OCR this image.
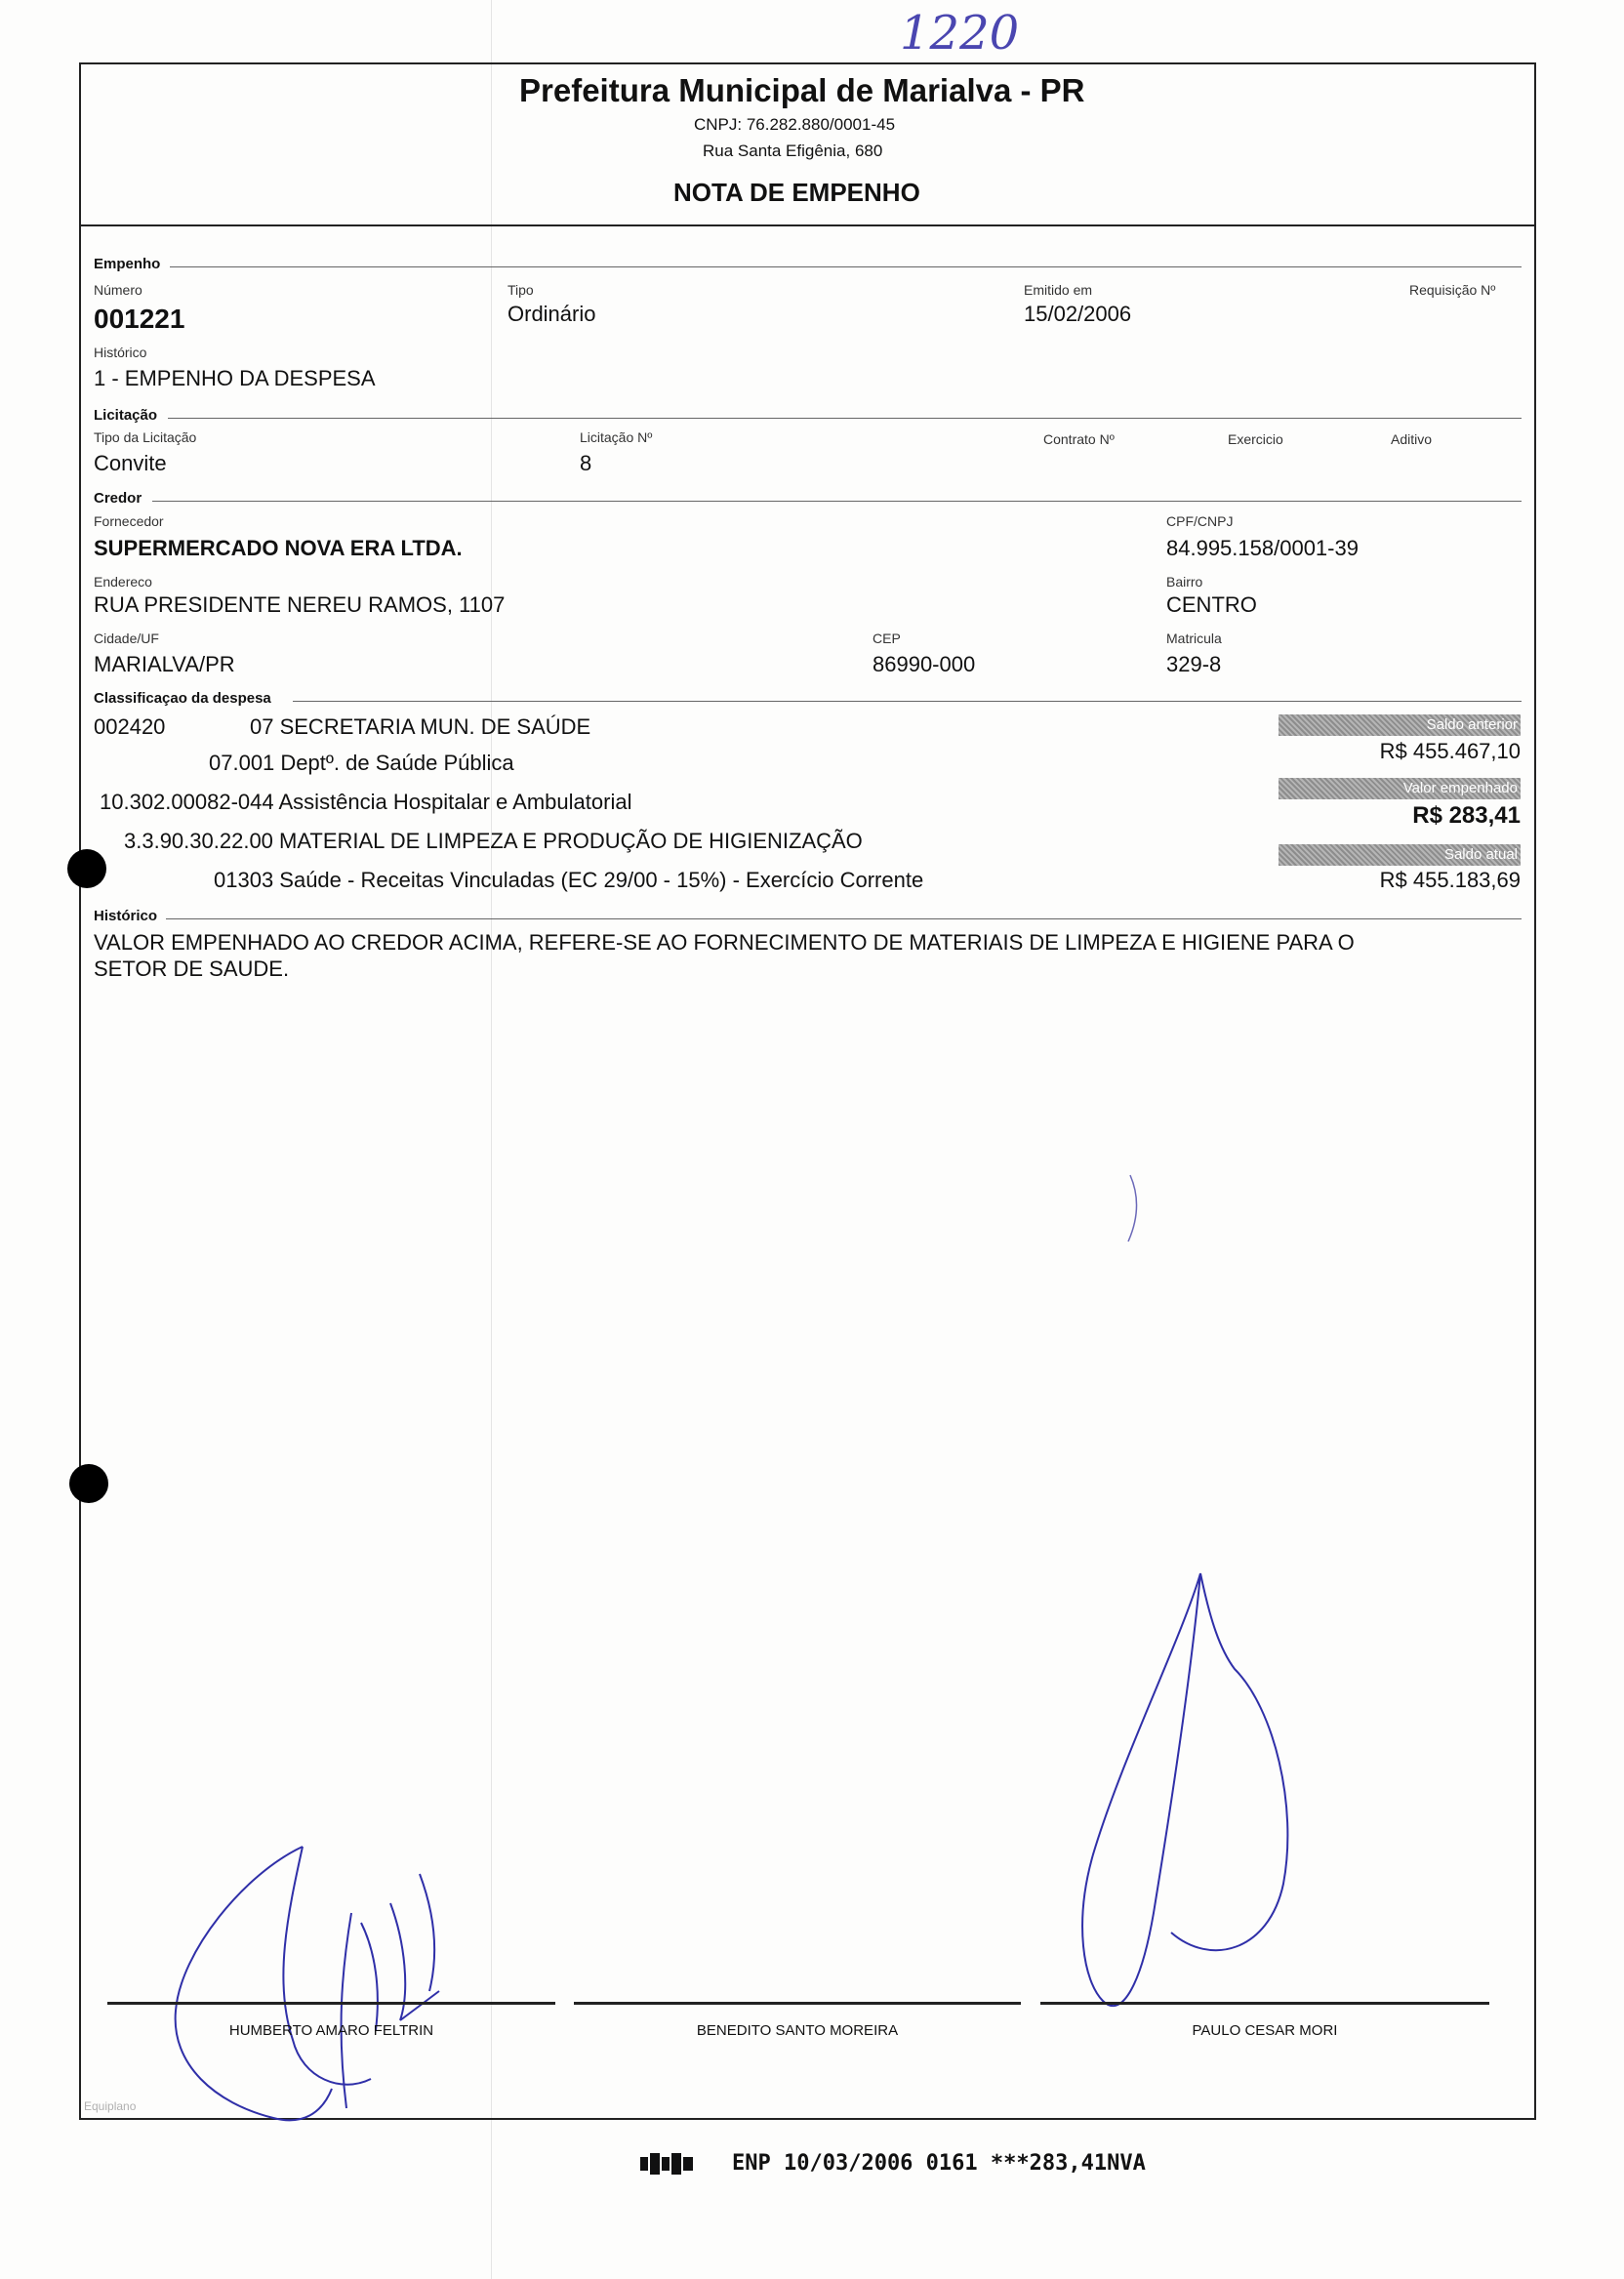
1220
Prefeitura Municipal de Marialva - PR
CNPJ: 76.282.880/0001-45
Rua Santa Efigênia, 680
NOTA DE EMPENHO
Empenho
Número
001221
Tipo
Ordinário
Emitido em
15/02/2006
Requisição Nº
Histórico
1 - EMPENHO DA DESPESA
Licitação
Tipo da Licitação
Convite
Licitação Nº
8
Contrato Nº	Exercicio	Aditivo
Credor
Fornecedor
SUPERMERCADO NOVA ERA LTDA.
CPF/CNPJ
84.995.158/0001-39
Endereco
RUA PRESIDENTE NEREU RAMOS, 1107
Bairro
CENTRO
Cidade/UF
MARIALVA/PR
CEP
86990-000
Matricula
329-8
Classificaçao da despesa
002420	07 SECRETARIA MUN. DE SAÚDE
07.001 Deptº. de Saúde Pública
10.302.00082-044 Assistência Hospitalar e Ambulatorial
3.3.90.30.22.00 MATERIAL DE LIMPEZA E PRODUÇÃO DE HIGIENIZAÇÃO
01303 Saúde - Receitas Vinculadas (EC 29/00 - 15%) - Exercício Corrente
Saldo anterior
R$ 455.467,10
Valor empenhado
R$ 283,41
Saldo atual
R$ 455.183,69
Histórico
VALOR EMPENHADO AO CREDOR ACIMA, REFERE-SE AO FORNECIMENTO DE MATERIAIS DE LIMPEZA E HIGIENE PARA O
SETOR DE SAUDE.
HUMBERTO AMARO FELTRIN	BENEDITO SANTO MOREIRA	PAULO CESAR MORI
Equiplano
ENP 10/03/2006 0161 ***283,41NVA
